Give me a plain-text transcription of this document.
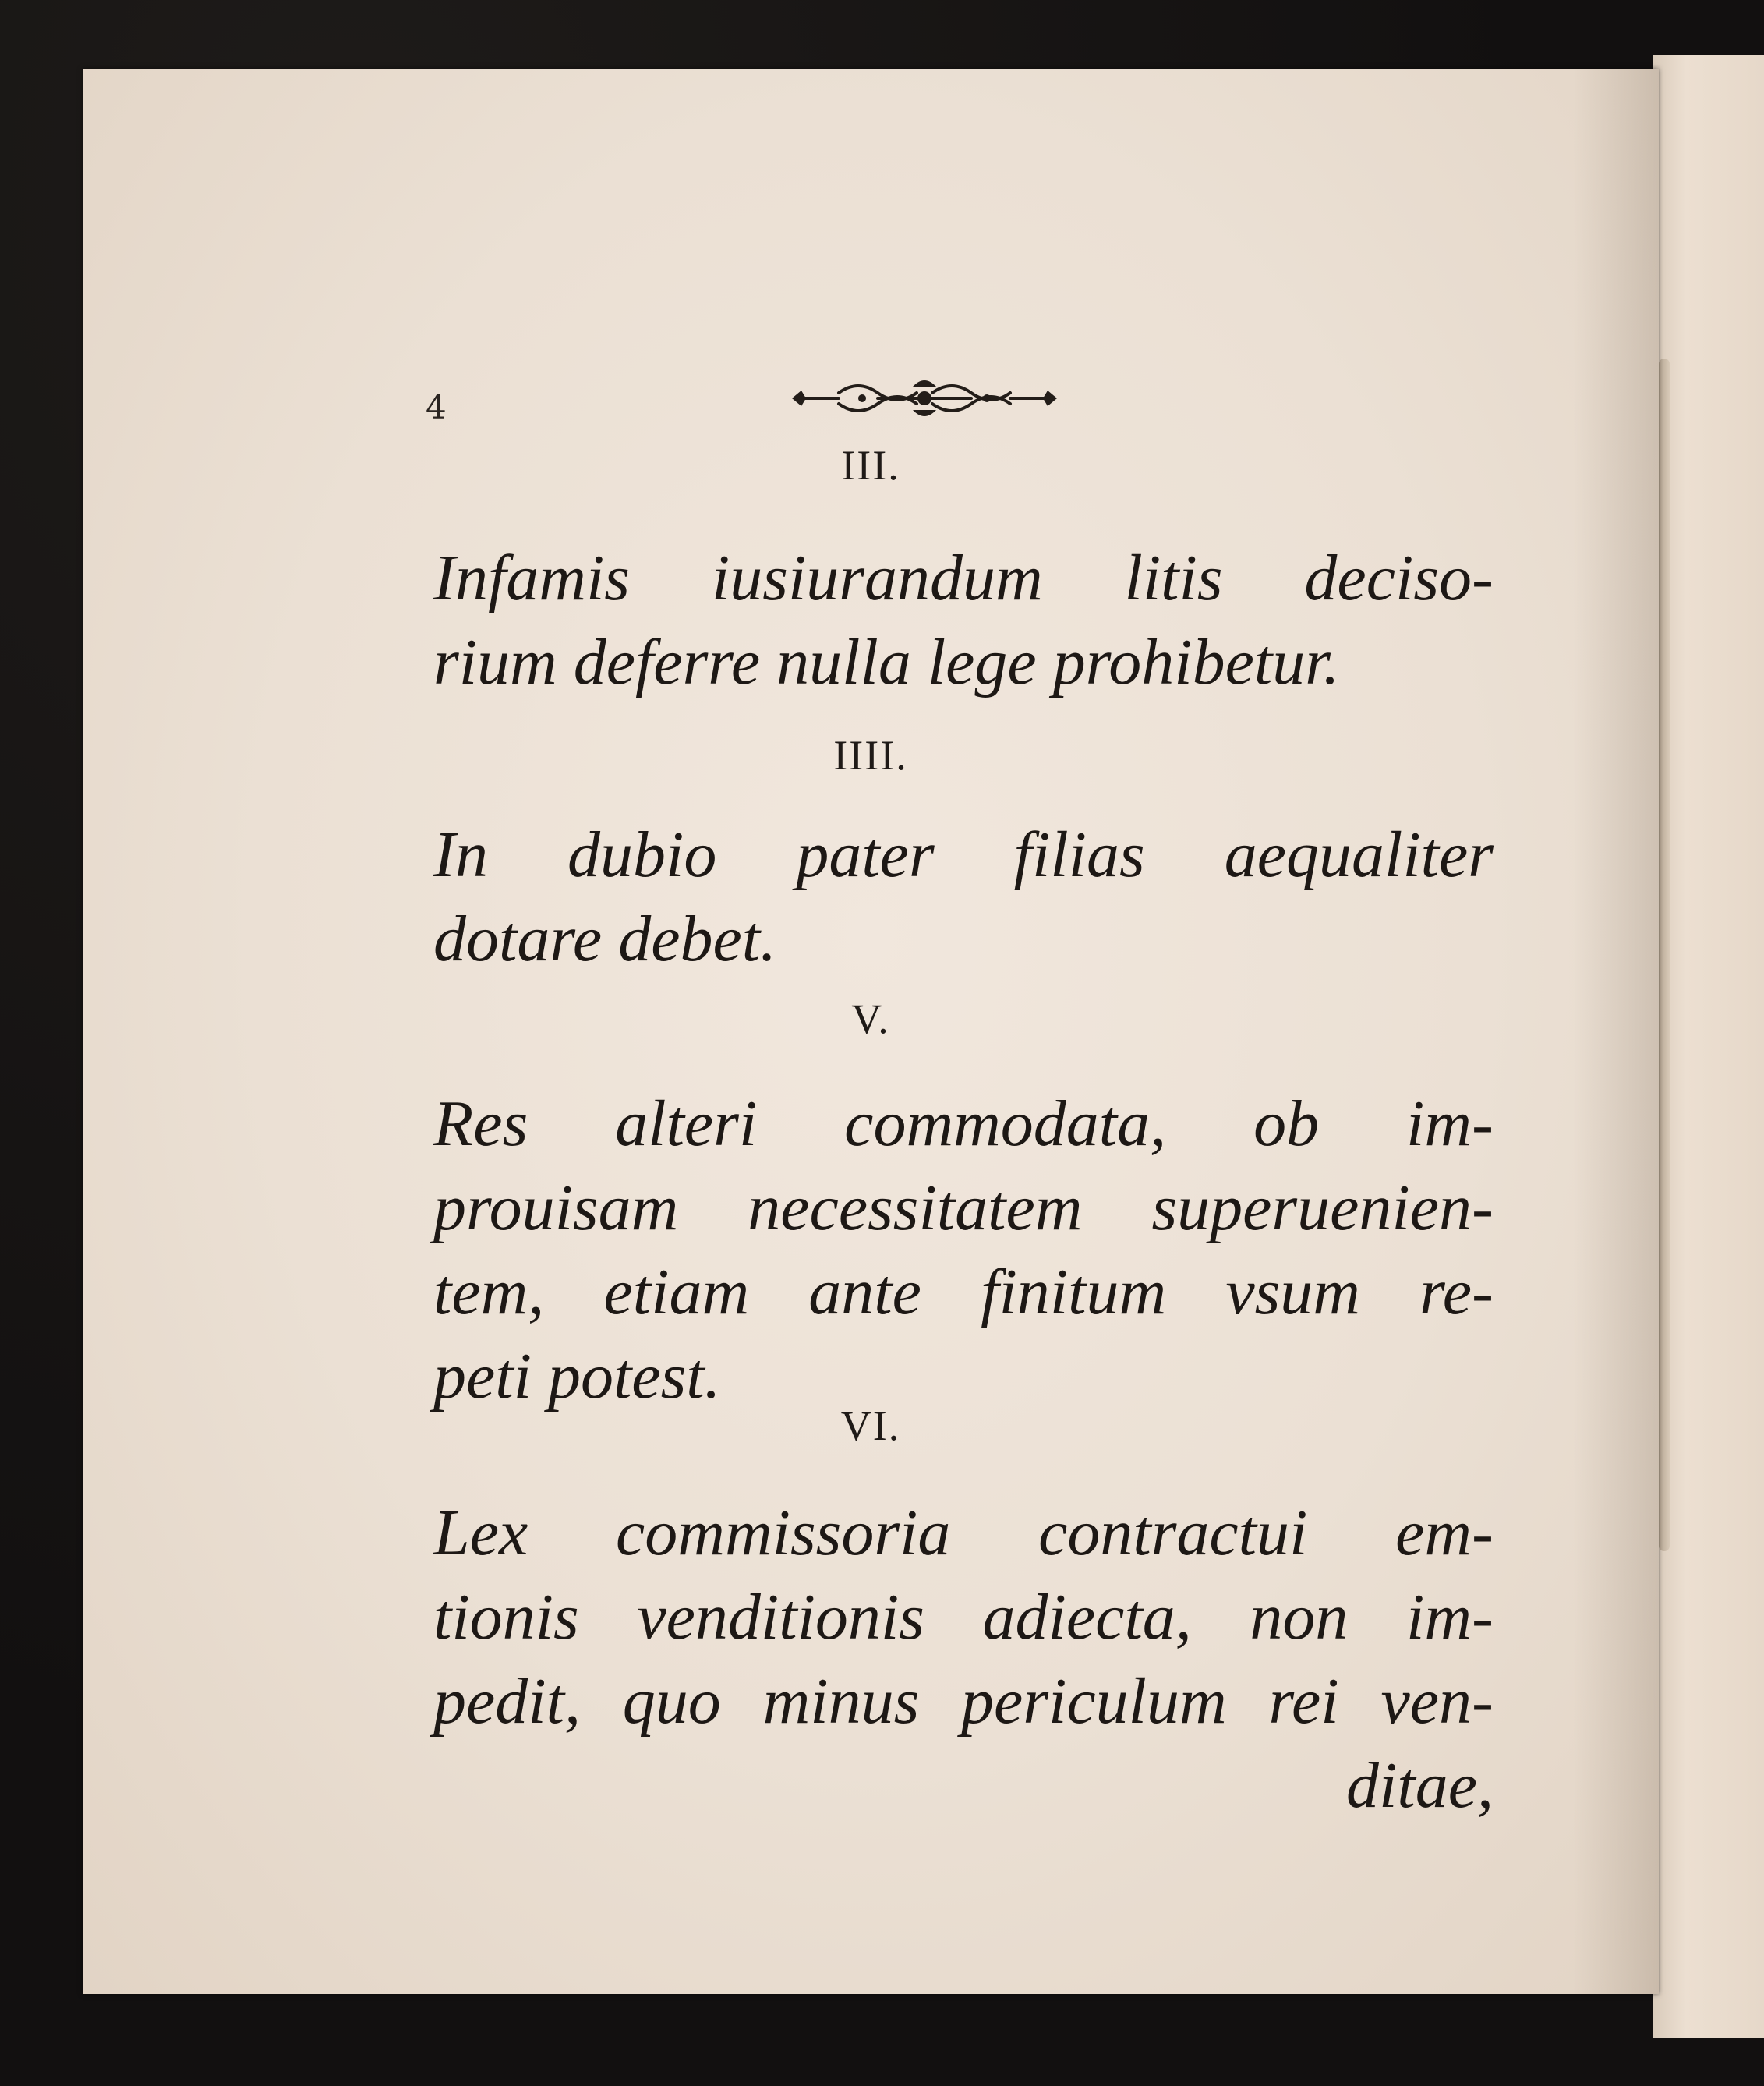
4
III.
Infamis iusiurandum litis deciso-
rium deferre nulla lege prohibetur.
IIII.
In dubio pater filias aequaliter
dotare debet.
V.
Res alteri commodata, ob im-
prouisam necessitatem superuenien-
tem, etiam ante finitum vsum re-
peti potest.
VI.
Lex commissoria contractui em-
tionis venditionis adiecta, non im-
pedit, quo minus periculum rei ven-
ditae,
